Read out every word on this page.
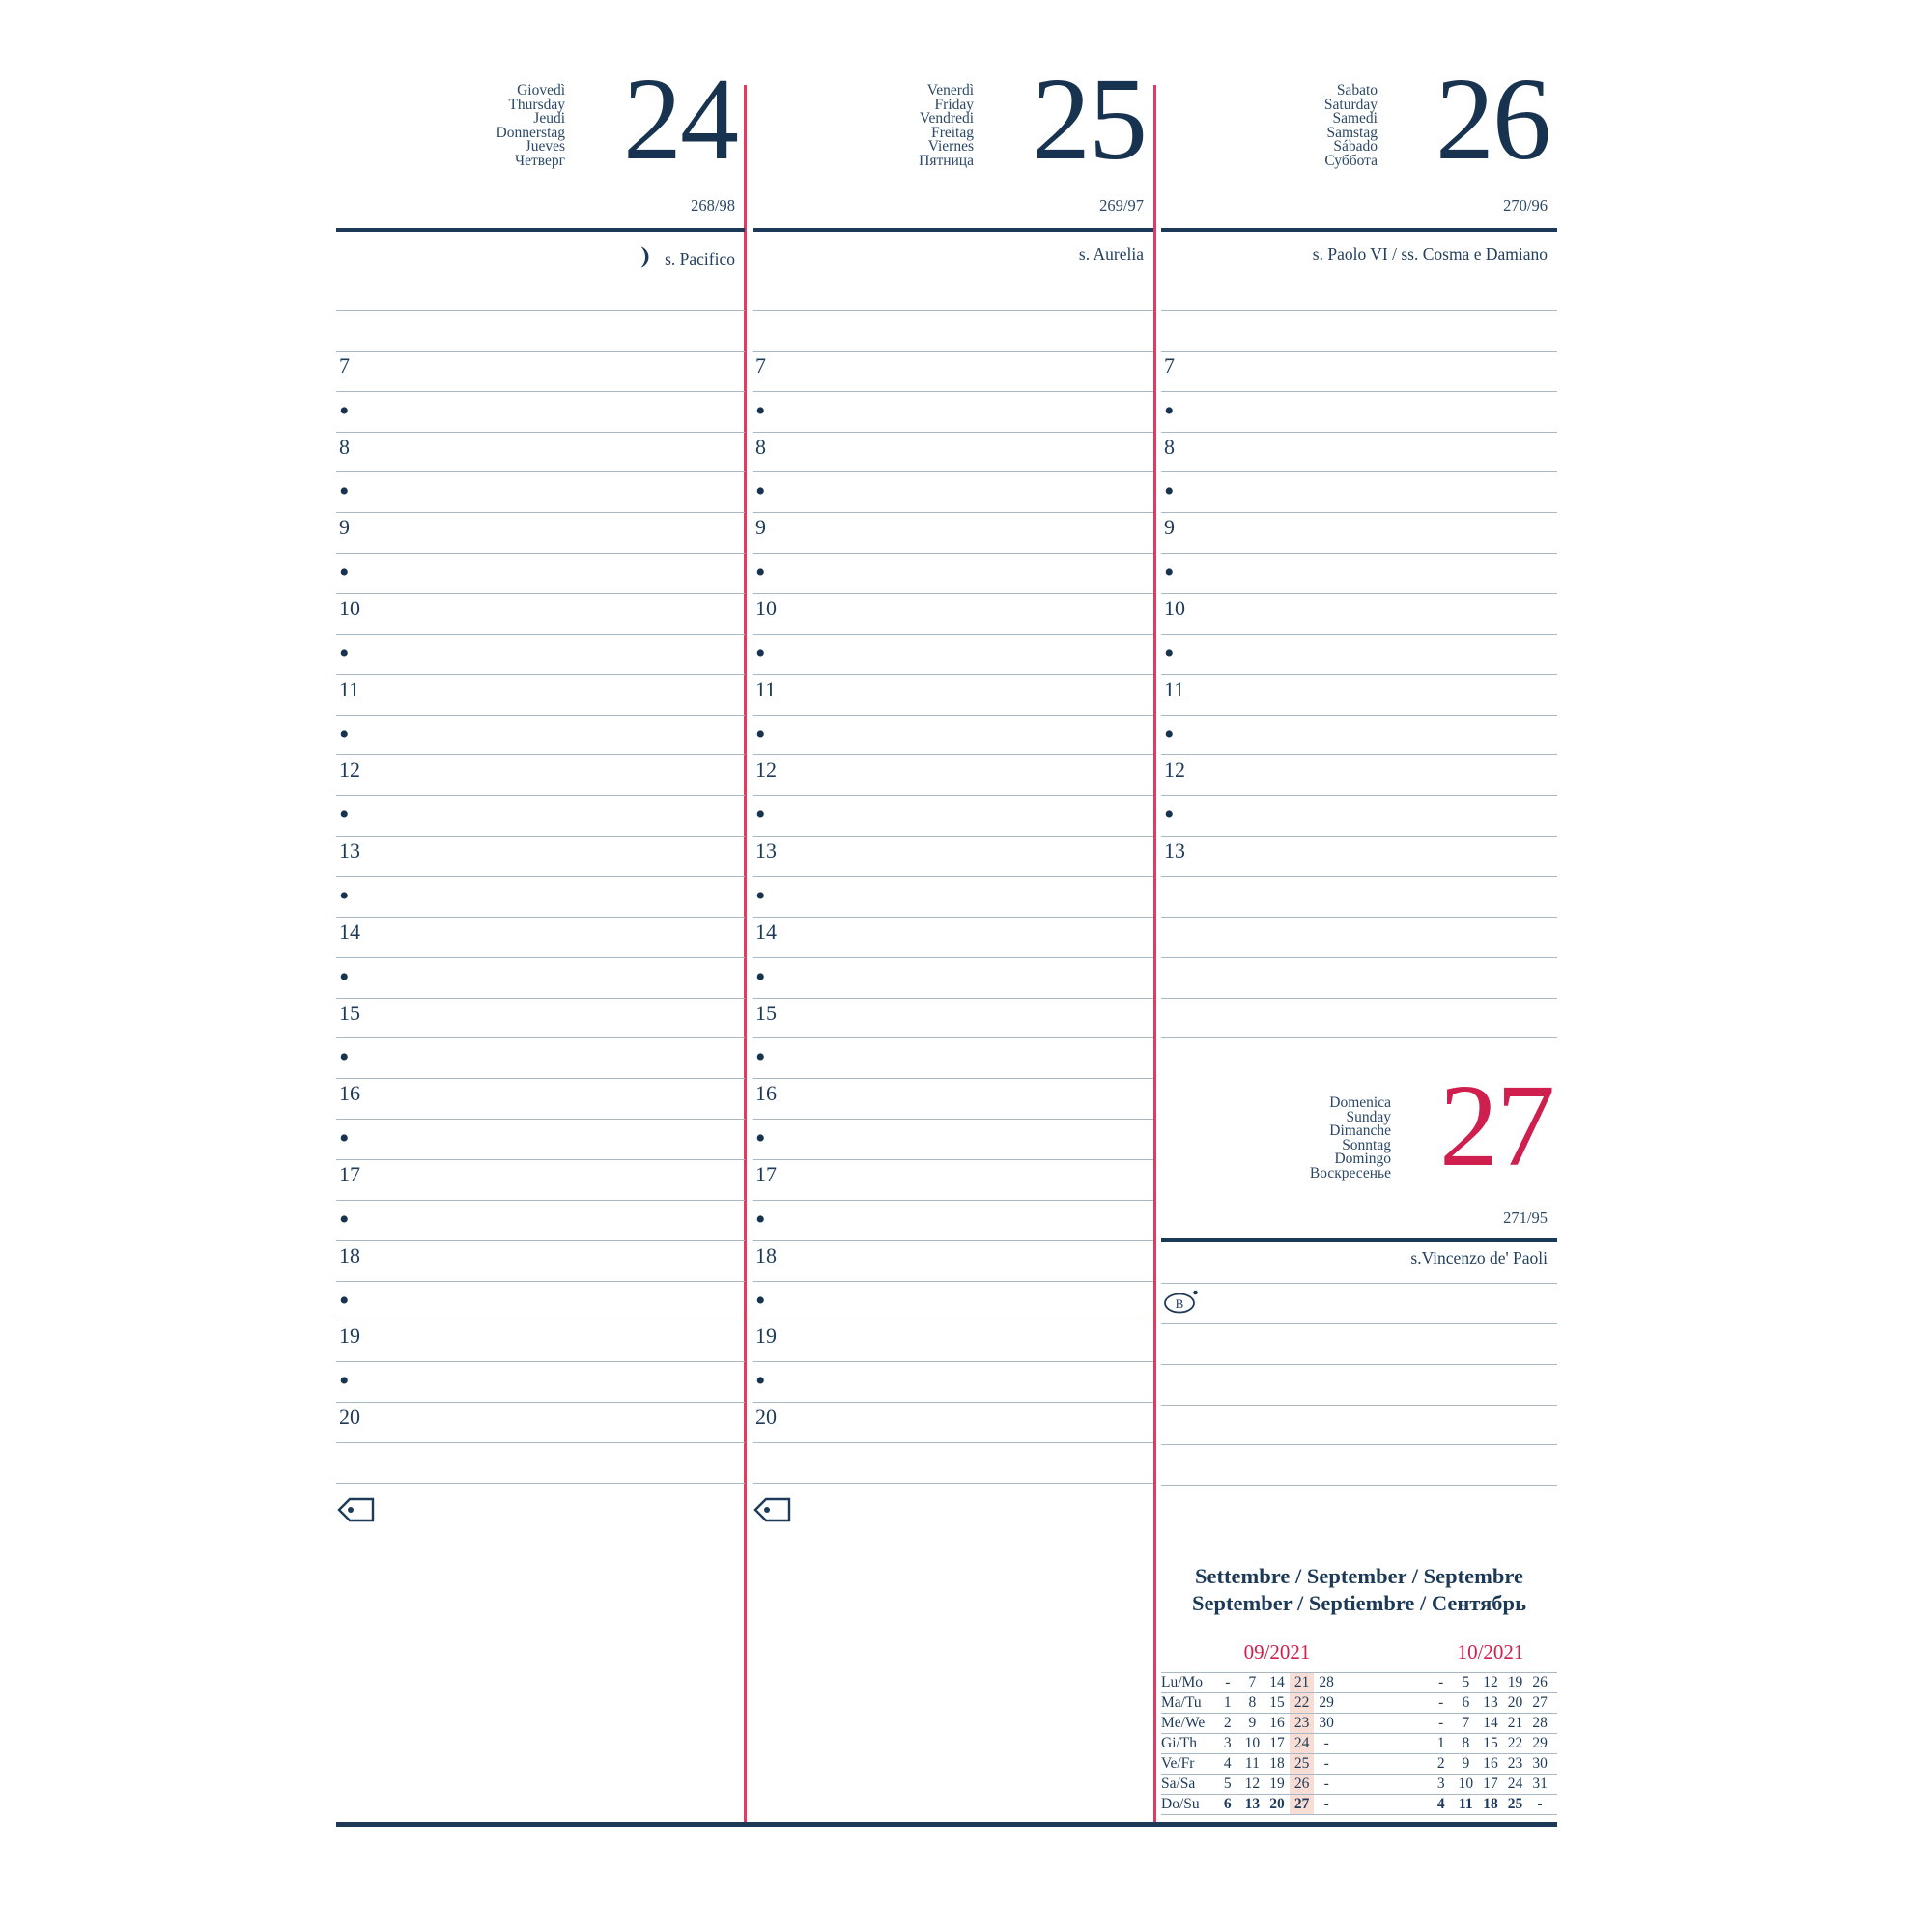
Giovedì
Thursday
Jeudi
Donnerstag
Jueves
Четверг 24
268/98
s. Pacifico
7
•
8
•
9
•
10
•
11
•
12
•
13
•
14
•
15
•
16
•
17
•
18
•
19
•
20
Venerdì
Friday
Vendredi
Freitag
Viernes
Пятница 25
269/97
s. Aurelia
7
•
8
•
9
•
10
•
11
•
12
•
13
•
14
•
15
•
16
•
17
•
18
•
19
•
20
Sabato
Saturday
Samedi
Samstag
Sábado
Суббота 26
270/96
s. Paolo VI / ss. Cosma e Damiano
7
•
8
•
9
•
10
•
11
•
12
•
13
Domenica
Sunday
Dimanche
Sonntag
Domingo
Воскресенье 27
271/95
s.Vincenzo de' Paoli
B
Settembre / September / Septembre
September / Septiembre / Сентябрь
09/2021	10/2021
Lu/Mo	-	7 14 21 28	-	5 12 19 26
Ma/Tu	1	8 15 22 29	-	6 13 20 27
Me/We	2	9 16 23 30	-	7 14 21 28
Gi/Th	3 10 17 24 -	1	8 15 22 29
Ve/Fr	4 11 18 25 -	2	9 16 23 30
Sa/Sa	5 12 19 26 -	3 10 17 24 31
Do/Su	6 13 20 27 -	4 11 18 25 -
